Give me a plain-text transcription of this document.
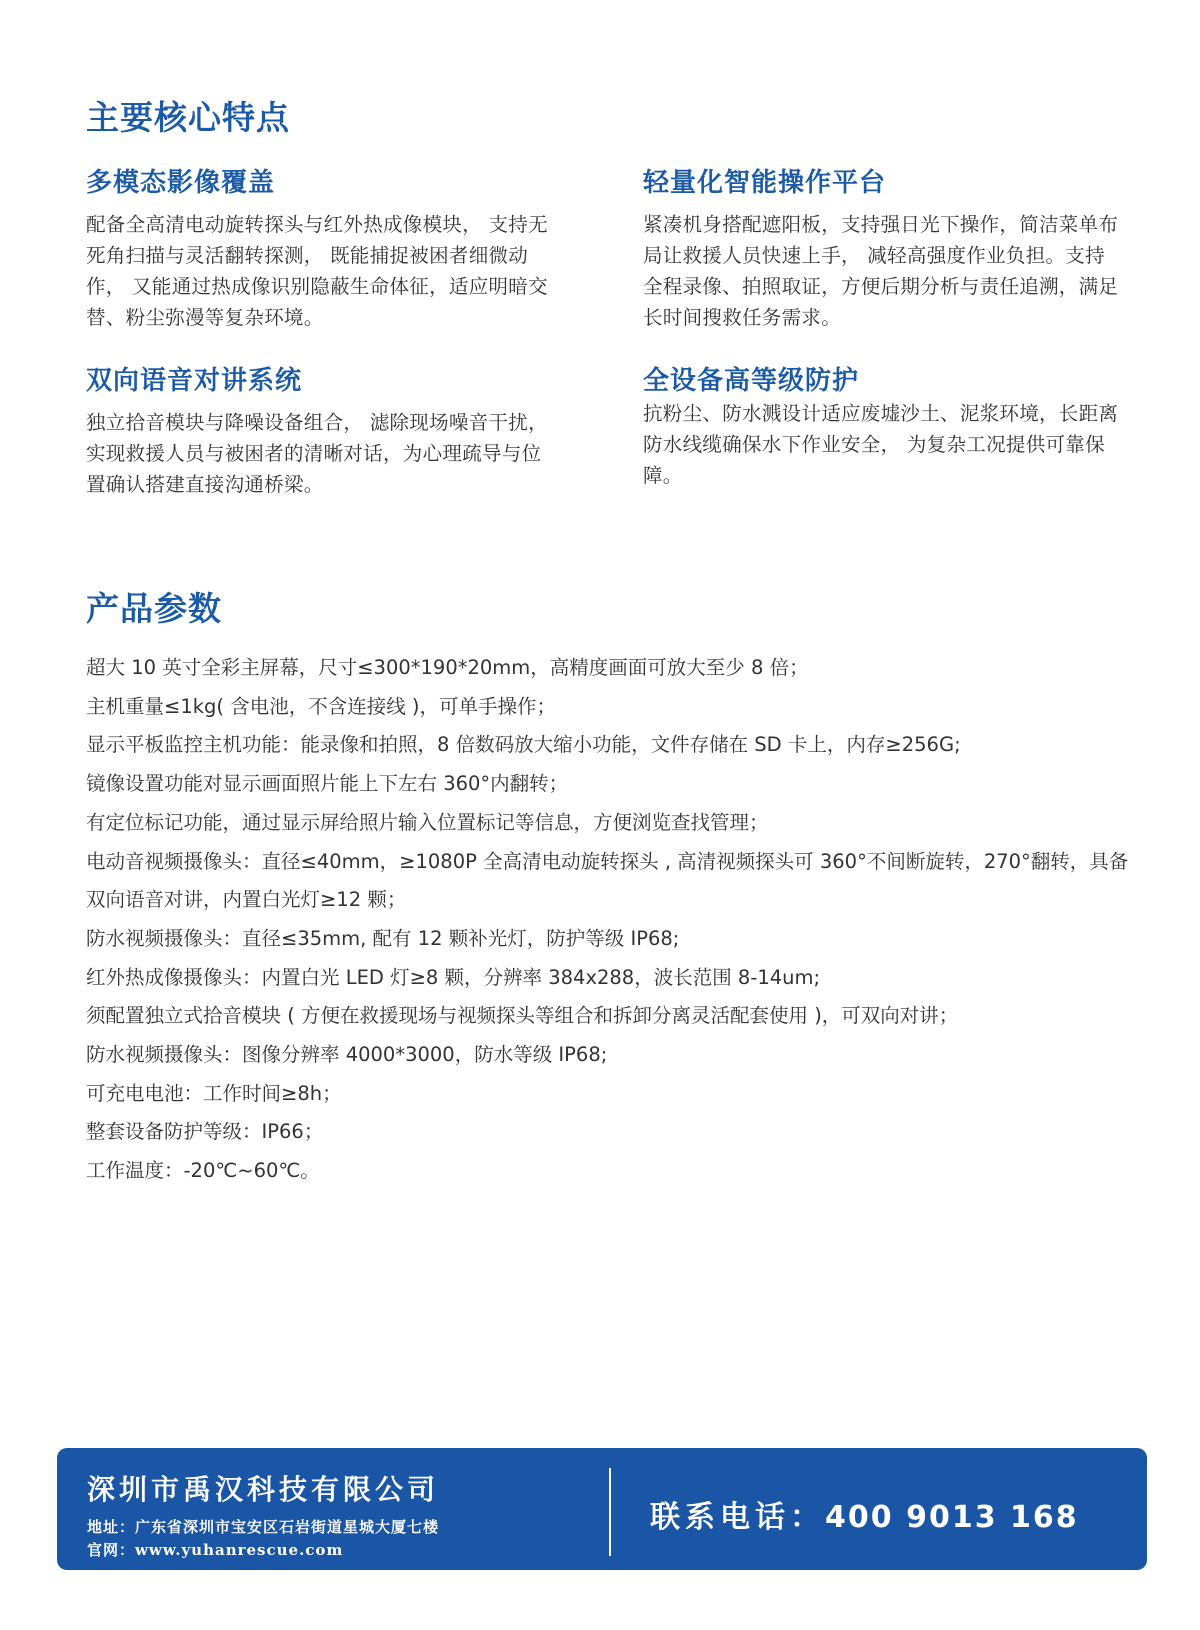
主要核心特点
多模态影像覆盖

配备全高清电动旋转探头与红外热成像模块， 支持无死角扫描与灵活翻转探测， 既能捕捉被困者细微动作， 又能通过热成像识别隐蔽生命体征，适应明暗交替、粉尘弥漫等复杂环境。

轻量化智能操作平台

紧凑机身搭配遮阳板，支持强日光下操作，简洁菜单布局让救援人员快速上手， 减轻高强度作业负担。支持全程录像、拍照取证，方便后期分析与责任追溯，满足长时间搜救任务需求。

双向语音对讲系统

独立拾音模块与降噪设备组合， 滤除现场噪音干扰，实现救援人员与被困者的清晰对话，为心理疏导与位置确认搭建直接沟通桥梁。

全设备高等级防护

抗粉尘、防水溅设计适应废墟沙土、泥浆环境，长距离防水线缆确保水下作业安全， 为复杂工况提供可靠保障。

产品参数
超大 10 英寸全彩主屏幕，尺寸≤300*190*20mm，高精度画面可放大至少 8 倍；
主机重量≤1kg( 含电池，不含连接线 )，可单手操作；
显示平板监控主机功能：能录像和拍照，8 倍数码放大缩小功能，文件存储在 SD 卡上，内存≥256G;
镜像设置功能对显示画面照片能上下左右 360°内翻转；
有定位标记功能，通过显示屏给照片输入位置标记等信息，方便浏览查找管理；
电动音视频摄像头：直径≤40mm，≥1080P 全高清电动旋转探头 , 高清视频探头可 360°不间断旋转，270°翻转，具备双向语音对讲，内置白光灯≥12 颗；
防水视频摄像头：直径≤35mm, 配有 12 颗补光灯，防护等级 IP68;
红外热成像摄像头：内置白光 LED 灯≥8 颗，分辨率 384x288，波长范围 8-14um;
须配置独立式拾音模块 ( 方便在救援现场与视频探头等组合和拆卸分离灵活配套使用 )，可双向对讲；
防水视频摄像头：图像分辨率 4000*3000，防水等级 IP68;
可充电电池：工作时间≥8h；
整套设备防护等级：IP66；
工作温度：-20℃~60℃。

深圳市禹汉科技有限公司

地址：广东省深圳市宝安区石岩街道星城大厦七楼

官网：www.yuhanrescue.com

联系电话：400 9013 168
